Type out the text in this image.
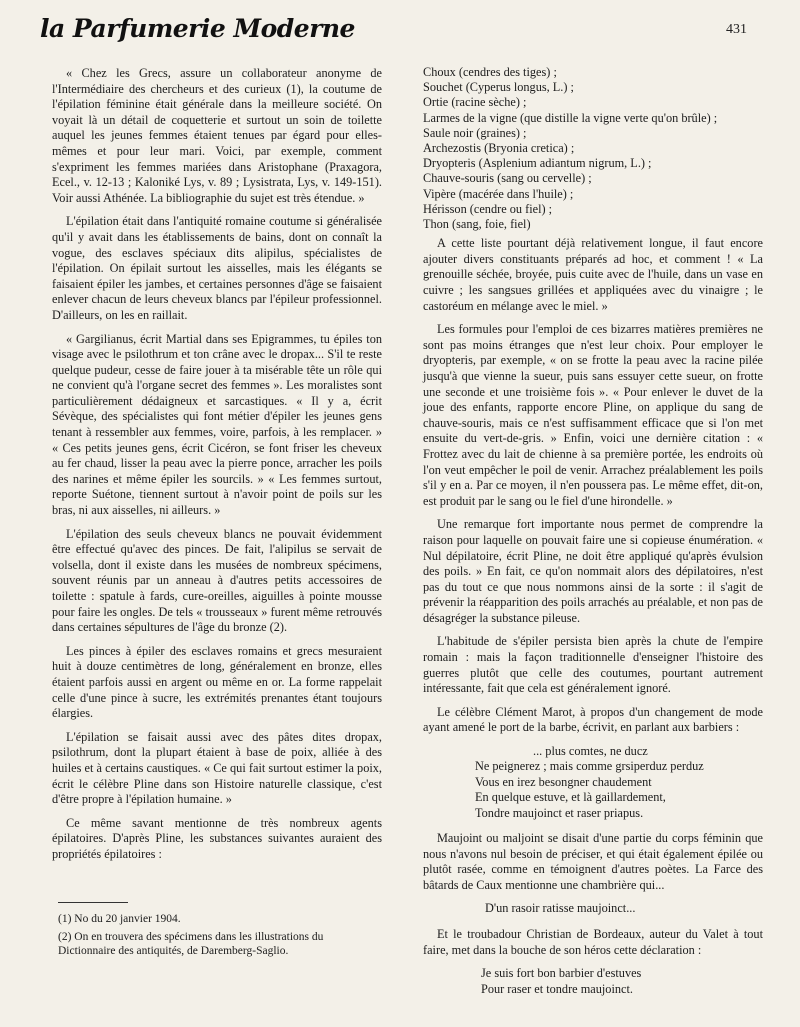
la Parfumerie Moderne	431

« Chez les Grecs, assure un collaborateur anonyme de l'Intermédiaire des chercheurs et des curieux (1), la coutume de l'épilation féminine était générale dans la meilleure société. On voyait là un détail de coquetterie et surtout un soin de toilette auquel les jeunes femmes étaient tenues par égard pour elles-mêmes et pour leur mari. Voici, par exemple, comment s'expriment les femmes mariées dans Aristophane (Praxagora, Ecel., v. 12-13 ; Kaloniké Lys, v. 89 ; Lysistrata, Lys, v. 149-151). Voir aussi Athénée. La bibliographie du sujet est très étendue. »

L'épilation était dans l'antiquité romaine coutume si généralisée qu'il y avait dans les établissements de bains, dont on connaît la vogue, des esclaves spéciaux dits alipilus, spécialistes de l'épilation. On épilait surtout les aisselles, mais les élégants se faisaient épiler les jambes, et certaines personnes d'âge se faisaient enlever chacun de leurs cheveux blancs par l'épileur professionnel. D'ailleurs, on les en raillait.

« Gargilianus, écrit Martial dans ses Epigrammes, tu épiles ton visage avec le psilothrum et ton crâne avec le dropax... S'il te reste quelque pudeur, cesse de faire jouer à ta misérable tête un rôle qui ne convient qu'à l'organe secret des femmes ». Les moralistes sont particulièrement dédaigneux et sarcastiques. « Il y a, écrit Sévèque, des spécialistes qui font métier d'épiler les jeunes gens tenant à ressembler aux femmes, voire, parfois, à les remplacer. » « Ces petits jeunes gens, écrit Cicéron, se font friser les cheveux au fer chaud, lisser la peau avec la pierre ponce, arracher les poils des narines et même épiler les sourcils. » « Les femmes surtout, reporte Suétone, tiennent surtout à n'avoir point de poils sur les bras, ni aux aisselles, ni ailleurs. »

L'épilation des seuls cheveux blancs ne pouvait évidemment être effectué qu'avec des pinces. De fait, l'alipilus se servait de volsella, dont il existe dans les musées de nombreux spécimens, souvent réunis par un anneau à d'autres petits accessoires de toilette : spatule à fards, cure-oreilles, aiguilles à pointe mousse pour faire les ongles. De tels « trousseaux » furent même retrouvés dans certaines sépultures de l'âge du bronze (2).

Les pinces à épiler des esclaves romains et grecs mesuraient huit à douze centimètres de long, généralement en bronze, elles étaient parfois aussi en argent ou même en or. La forme rappelait celle d'une pince à sucre, les extrémités prenantes étant toujours élargies.

L'épilation se faisait aussi avec des pâtes dites dropax, psilothrum, dont la plupart étaient à base de poix, alliée à des huiles et à certains caustiques. « Ce qui fait surtout estimer la poix, écrit le célèbre Pline dans son Histoire naturelle classique, c'est d'être propre à l'épilation humaine. »

Ce même savant mentionne de très nombreux agents épilatoires. D'après Pline, les substances suivantes auraient des propriétés épilatoires :

(1) No du 20 janvier 1904.
(2) On en trouvera des spécimens dans les illustrations du Dictionnaire des antiquités, de Daremberg-Saglio.
Choux (cendres des tiges) ;
Souchet (Cyperus longus, L.) ;
Ortie (racine sèche) ;
Larmes de la vigne (que distille la vigne verte qu'on brûle) ;
Saule noir (graines) ;
Archezostis (Bryonia cretica) ;
Dryopteris (Asplenium adiantum nigrum, L.) ;
Chauve-souris (sang ou cervelle) ;
Vipère (macérée dans l'huile) ;
Hérisson (cendre ou fiel) ;
Thon (sang, foie, fiel)

A cette liste pourtant déjà relativement longue, il faut encore ajouter divers constituants préparés ad hoc, et comment ! « La grenouille séchée, broyée, puis cuite avec de l'huile, dans un vase en cuivre ; les sangsues grillées et appliquées avec du vinaigre ; le castoréum en mélange avec le miel. »

Les formules pour l'emploi de ces bizarres matières premières ne sont pas moins étranges que n'est leur choix. Pour employer le dryopteris, par exemple, « on se frotte la peau avec la racine pilée jusqu'à que vienne la sueur, puis sans essuyer cette sueur, on frotte une seconde et une troisième fois ». « Pour enlever le duvet de la joue des enfants, rapporte encore Pline, on applique du sang de chauve-souris, mais ce n'est suffisamment efficace que si l'on met ensuite du vert-de-gris. » Enfin, voici une dernière citation : « Frottez avec du lait de chienne à sa première portée, les endroits où l'on veut empêcher le poil de venir. Arrachez préalablement les poils s'il y en a. Par ce moyen, il n'en poussera pas. Le même effet, dit-on, est produit par le sang ou le fiel d'une hirondelle. »

Une remarque fort importante nous permet de comprendre la raison pour laquelle on pouvait faire une si copieuse énumération. « Nul dépilatoire, écrit Pline, ne doit être appliqué qu'après évulsion des poils. » En fait, ce qu'on nommait alors des dépilatoires, n'est pas du tout ce que nous nommons ainsi de la sorte : il s'agit de prévenir la réapparition des poils arrachés au préalable, et non pas de désagréger la substance pileuse.

L'habitude de s'épiler persista bien après la chute de l'empire romain : mais la façon traditionnelle d'enseigner l'histoire des guerres plutôt que celle des coutumes, pourtant autrement intéressante, fait que cela est généralement ignoré.

Le célèbre Clément Marot, à propos d'un changement de mode ayant amené le port de la barbe, écrivit, en parlant aux barbiers :

... plus comtes, ne ducz
Ne peignerez ; mais comme grsiperduz perduz
Vous en irez besongner chaudement
En quelque estuve, et là gaillardement,
Tondre maujoinct et raser priapus.

Maujoint ou maljoint se disait d'une partie du corps féminin que nous n'avons nul besoin de préciser, et qui était également épilée ou plutôt rasée, comme en témoignent d'autres poètes. La Farce des bâtards de Caux mentionne une chambrière qui...

D'un rasoir ratisse maujoinct...

Et le troubadour Christian de Bordeaux, auteur du Valet à tout faire, met dans la bouche de son héros cette déclaration :

Je suis fort bon barbier d'estuves
Pour raser et tondre maujoinct.
